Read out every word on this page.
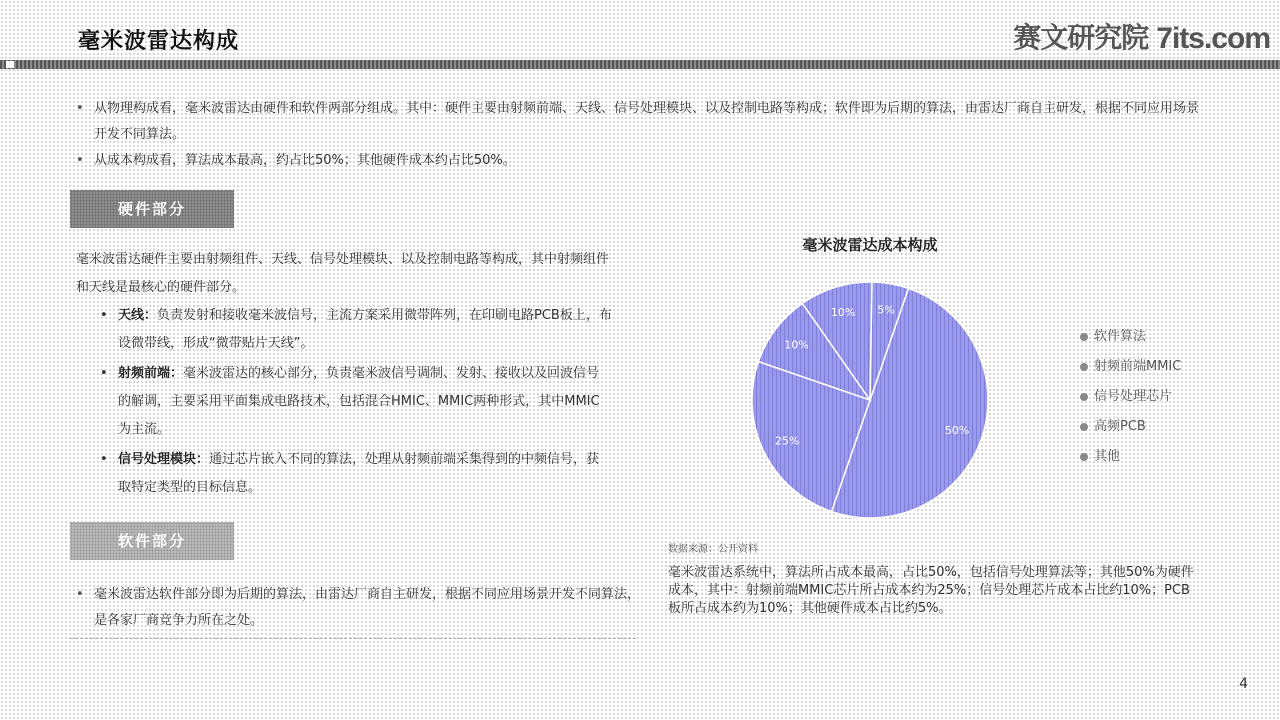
毫米波雷达构成	赛文研究院 7its.com
• 从物理构成看，毫米波雷达由硬件和软件两部分组成。其中：硬件主要由射频前端、天线、信号处理模块、以及控制电路等构成；软件即为后期的算法，由雷达厂商自主研发，根据不同应用场景开发不同算法。
• 从成本构成看，算法成本最高，约占比50%；其他硬件成本约占比50%。
硬件部分
毫米波雷达硬件主要由射频组件、天线、信号处理模块、以及控制电路等构成，其中射频组件和天线是最核心的硬件部分。
• 天线：负责发射和接收毫米波信号，主流方案采用微带阵列，在印刷电路PCB板上，布设微带线，形成“微带贴片天线”。
• 射频前端：毫米波雷达的核心部分，负责毫米波信号调制、发射、接收以及回波信号的解调，主要采用平面集成电路技术，包括混合HMIC、MMIC两种形式，其中MMIC为主流。
• 信号处理模块：通过芯片嵌入不同的算法，处理从射频前端采集得到的中频信号，获取特定类型的目标信息。
软件部分
• 毫米波雷达软件部分即为后期的算法，由雷达厂商自主研发，根据不同应用场景开发不同算法，是各家厂商竞争力所在之处。
毫米波雷达成本构成
50%
25%
10%
10% 5%
软件算法
射频前端MMIC
信号处理芯片
高频PCB
其他
数据来源：公开资料
毫米波雷达系统中，算法所占成本最高，占比50%，包括信号处理算法等；其他50%为硬件成本，其中：射频前端MMIC芯片所占成本约为25%；信号处理芯片成本占比约10%；PCB板所占成本约为10%；其他硬件成本占比约5%。
4
